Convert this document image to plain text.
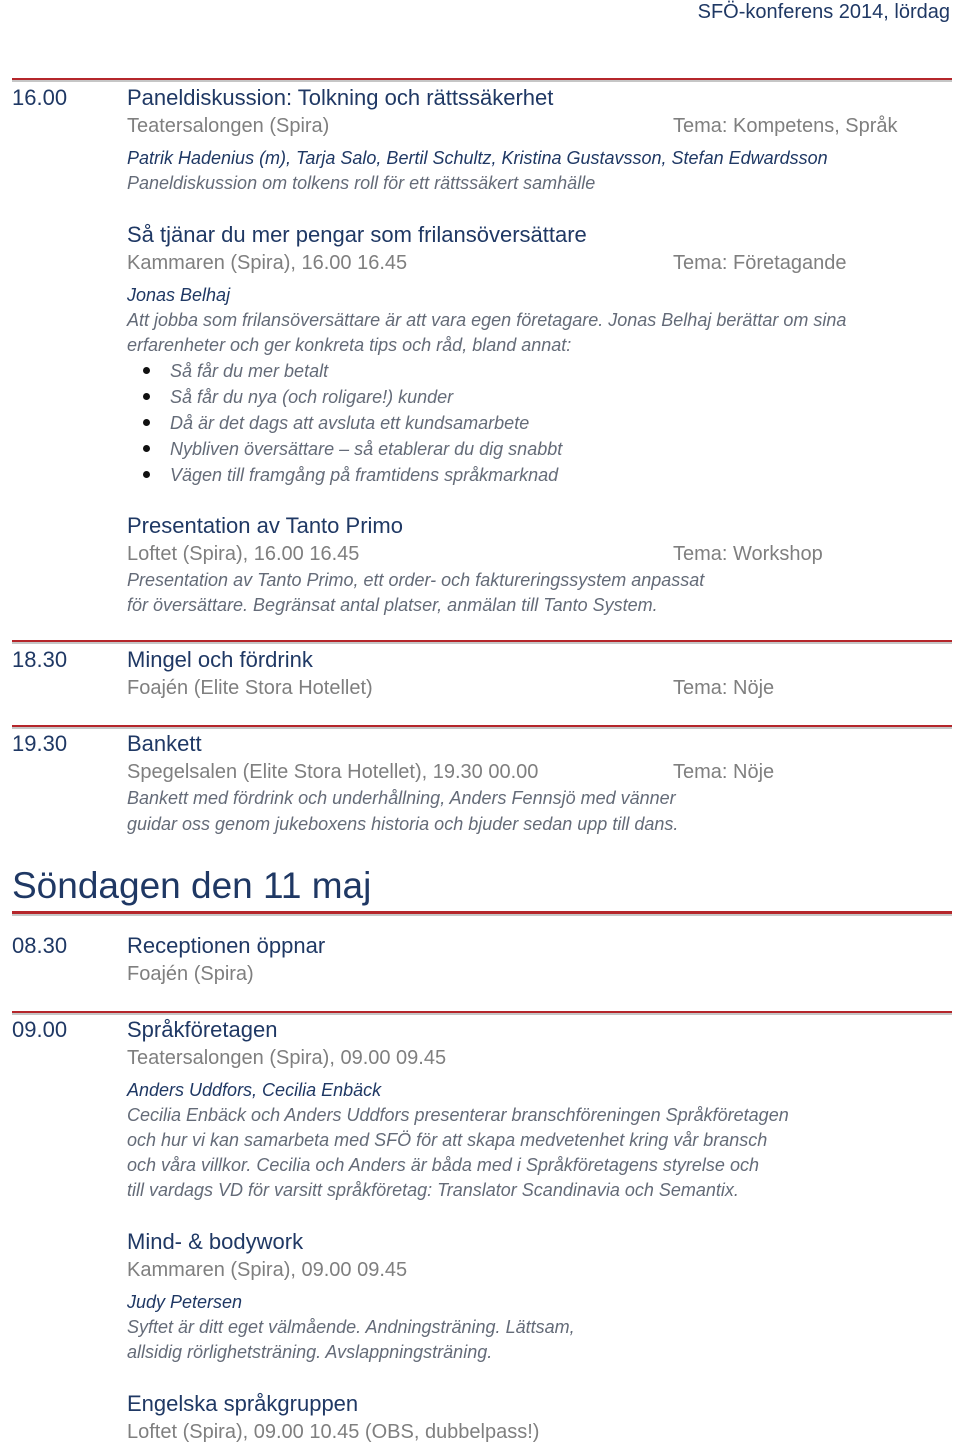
SFÖ-konferens 2014, lördag
16.00	Paneldiskussion: Tolkning och rättssäkerhet
Teatersalongen (Spira)	Tema: Kompetens, Språk
Patrik Hadenius (m), Tarja Salo, Bertil Schultz, Kristina Gustavsson, Stefan Edwardsson
Paneldiskussion om tolkens roll för ett rättssäkert samhälle
Så tjänar du mer pengar som frilansöversättare
Kammaren (Spira), 16.00 16.45	Tema: Företagande
Jonas Belhaj
Att jobba som frilansöversättare är att vara egen företagare. Jonas Belhaj berättar om sina
erfarenheter och ger konkreta tips och råd, bland annat:
Så får du mer betalt
Så får du nya (och roligare!) kunder
Då är det dags att avsluta ett kundsamarbete
Nybliven översättare – så etablerar du dig snabbt
Vägen till framgång på framtidens språkmarknad
Presentation av Tanto Primo
Loftet (Spira), 16.00 16.45	Tema: Workshop
Presentation av Tanto Primo, ett order- och faktureringssystem anpassat
för översättare. Begränsat antal platser, anmälan till Tanto System.
18.30	Mingel och fördrink
Foajén (Elite Stora Hotellet)	Tema: Nöje
19.30	Bankett
Spegelsalen (Elite Stora Hotellet), 19.30 00.00	Tema: Nöje
Bankett med fördrink och underhållning, Anders Fennsjö med vänner
guidar oss genom jukeboxens historia och bjuder sedan upp till dans.
Söndagen den 11 maj
08.30	Receptionen öppnar
Foajén (Spira)
09.00	Språkföretagen
Teatersalongen (Spira), 09.00 09.45
Anders Uddfors, Cecilia Enbäck
Cecilia Enbäck och Anders Uddfors presenterar branschföreningen Språkföretagen
och hur vi kan samarbeta med SFÖ för att skapa medvetenhet kring vår bransch
och våra villkor. Cecilia och Anders är båda med i Språkföretagens styrelse och
till vardags VD för varsitt språkföretag: Translator Scandinavia och Semantix.
Mind- & bodywork
Kammaren (Spira), 09.00 09.45
Judy Petersen
Syftet är ditt eget välmående. Andningsträning. Lättsam,
allsidig rörlighetsträning. Avslappningsträning.
Engelska språkgruppen
Loftet (Spira), 09.00 10.45 (OBS, dubbelpass!)
